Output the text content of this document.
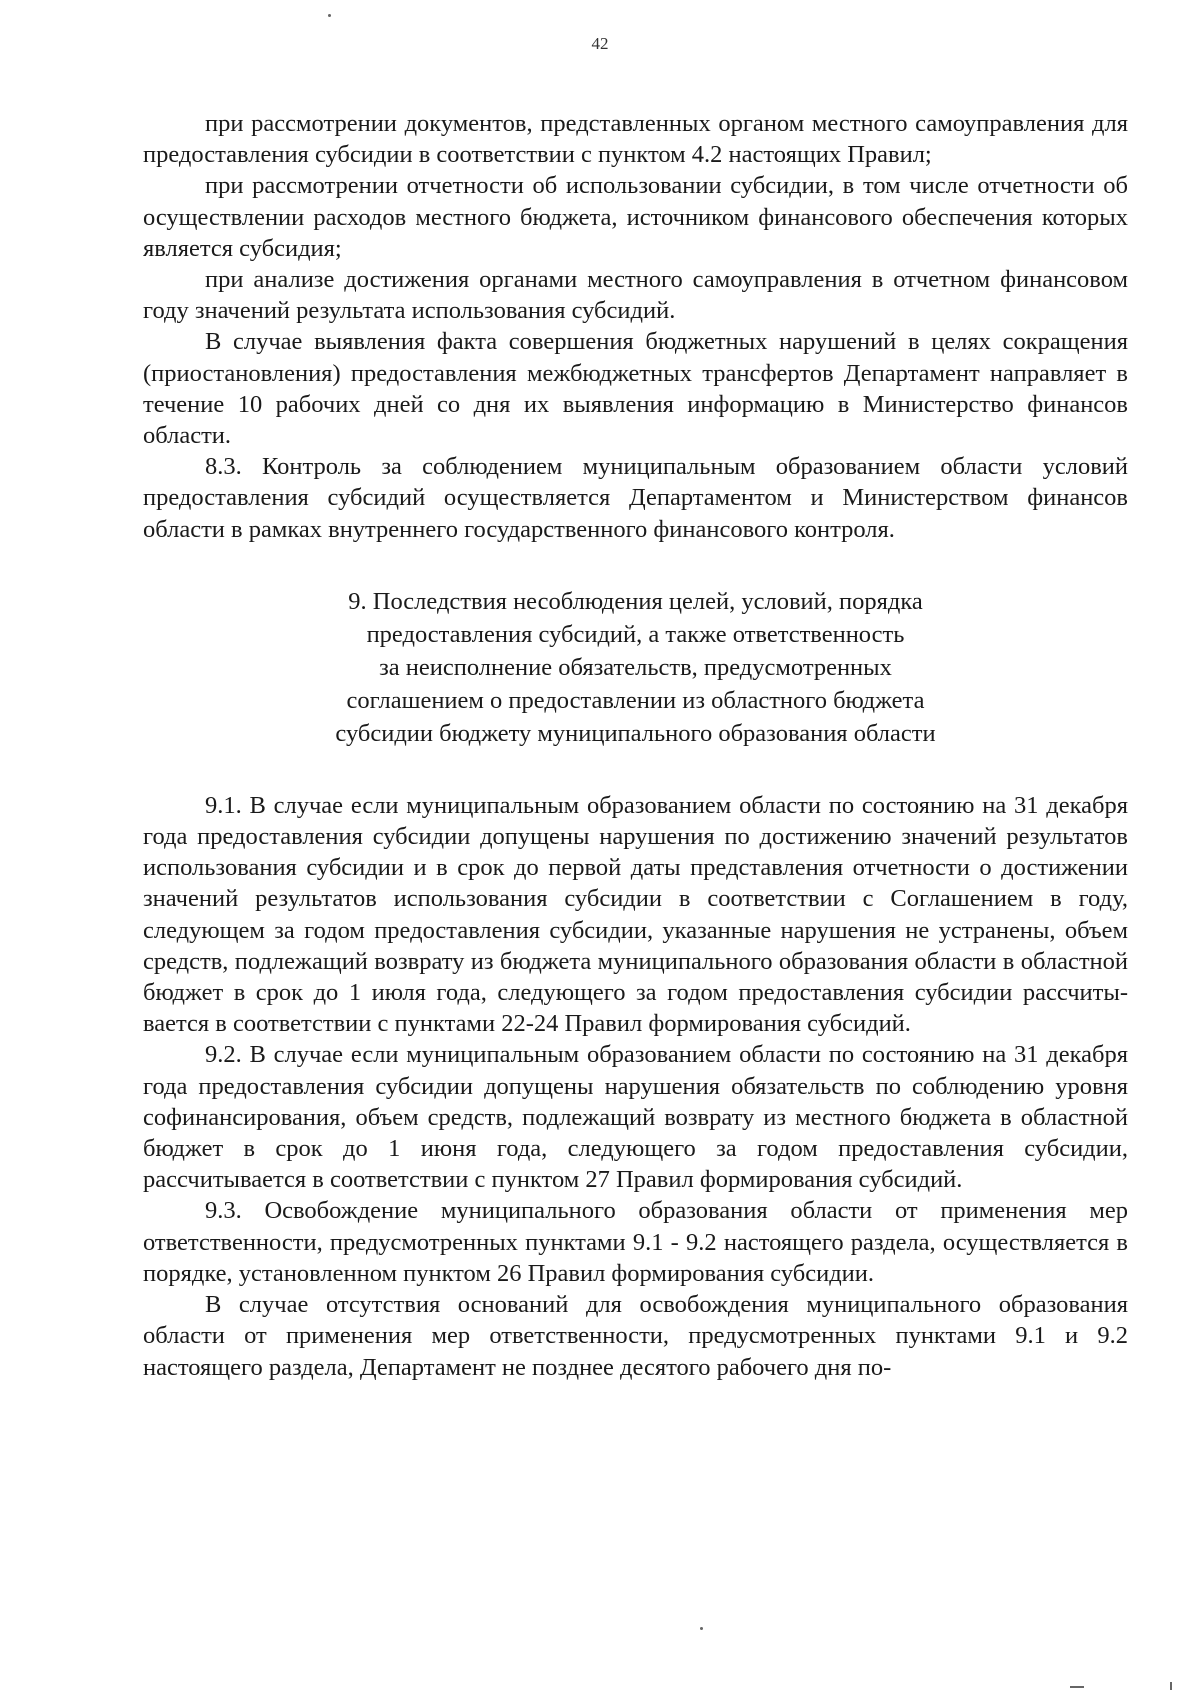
42

при рассмотрении документов, представленных органом местного самоуправления для предоставления субсидии в соответствии с пунктом 4.2 настоящих Правил;

при рассмотрении отчетности об использовании субсидии, в том числе отчетности об осуществлении расходов местного бюджета, источником финансового обеспечения которых является субсидия;

при анализе достижения органами местного самоуправления в отчетном финансовом году значений результата использования субсидий.

В случае выявления факта совершения бюджетных нарушений в целях сокращения (приостановления) предоставления межбюджетных трансфертов Департамент направляет в течение 10 рабочих дней со дня их выявления информацию в Министерство финансов области.

8.3. Контроль за соблюдением муниципальным образованием области условий предоставления субсидий осуществляется Департаментом и Министерством финансов области в рамках внутреннего государственного финансового контроля.

9. Последствия несоблюдения целей, условий, порядка
предоставления субсидий, а также ответственность
за неисполнение обязательств, предусмотренных
соглашением о предоставлении из областного бюджета
субсидии бюджету муниципального образования области

9.1. В случае если муниципальным образованием области по состоянию на 31 декабря года предоставления субсидии допущены нарушения по достижению значений результатов использования субсидии и в срок до первой даты представления отчетности о достижении значений результатов использования субсидии в соответствии с Соглашением в году, следующем за годом предоставления субсидии, указанные нарушения не устранены, объем средств, подлежащий возврату из бюджета муниципального образования области в областной бюджет в срок до 1 июля года, следующего за годом предоставления субсидии рассчитывается в соответствии с пунктами 22-24 Правил формирования субсидий.

9.2. В случае если муниципальным образованием области по состоянию на 31 декабря года предоставления субсидии допущены нарушения обязательств по соблюдению уровня софинансирования, объем средств, подлежащий возврату из местного бюджета в областной бюджет в срок до 1 июня года, следующего за годом предоставления субсидии, рассчитывается в соответствии с пунктом 27 Правил формирования субсидий.

9.3. Освобождение муниципального образования области от применения мер ответственности, предусмотренных пунктами 9.1 - 9.2 настоящего раздела, осуществляется в порядке, установленном пунктом 26 Правил формирования субсидии.

В случае отсутствия оснований для освобождения муниципального образования области от применения мер ответственности, предусмотренных пунктами 9.1 и 9.2 настоящего раздела, Департамент не позднее десятого рабочего дня по-
